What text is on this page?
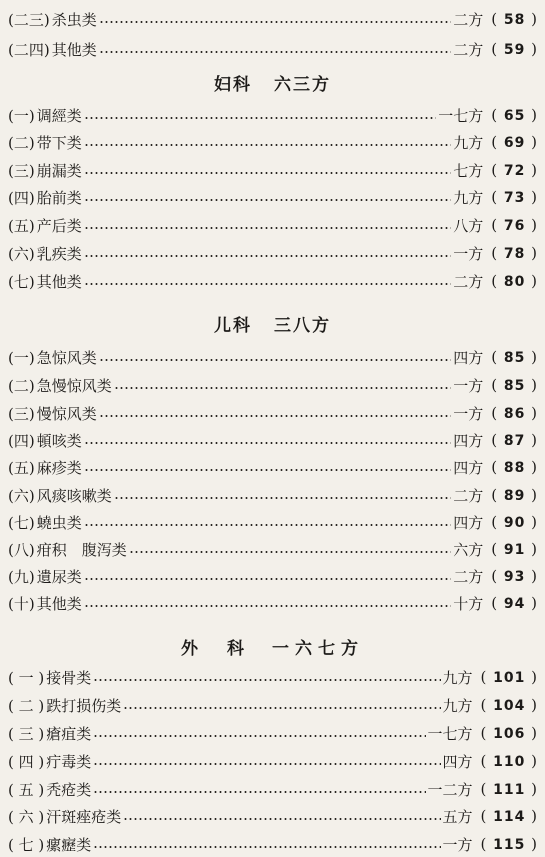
(二三) 杀虫类	二方 ( 58 )
(二四) 其他类	二方 ( 59 )
妇科 六三方
(一) 调經类	一七方 ( 65 )
(二) 带下类	九方 ( 69 )
(三) 崩漏类	七方 ( 72 )
(四) 胎前类	九方 ( 73 )
(五) 产后类	八方 ( 76 )
(六) 乳疾类	一方 ( 78 )
(七) 其他类	二方 ( 80 )
儿科 三八方
(一) 急惊风类	四方 ( 85 )
(二) 急慢惊风类	一方 ( 85 )
(三) 慢惊风类	一方 ( 86 )
(四) 頓咳类	四方 ( 87 )
(五) 麻疹类	四方 ( 88 )
(六) 风痰咳嗽类	二方 ( 89 )
(七) 蟯虫类	四方 ( 90 )
(八) 疳积　腹泻类	六方 ( 91 )
(九) 遺尿类	二方 ( 93 )
(十) 其他类	十方 ( 94 )
外　科 一六七方
( 一 ) 接骨类	九方 ( 101 )
( 二 ) 跌打损伤类	九方 ( 104 )
( 三 ) 瘡疽类	一七方 ( 106 )
( 四 ) 疔毒类	四方 ( 110 )
( 五 ) 秃疮类	一二方 ( 111 )
( 六 ) 汗斑痤疮类	五方 ( 114 )
( 七 ) 瘰癧类	一方 ( 115 )
